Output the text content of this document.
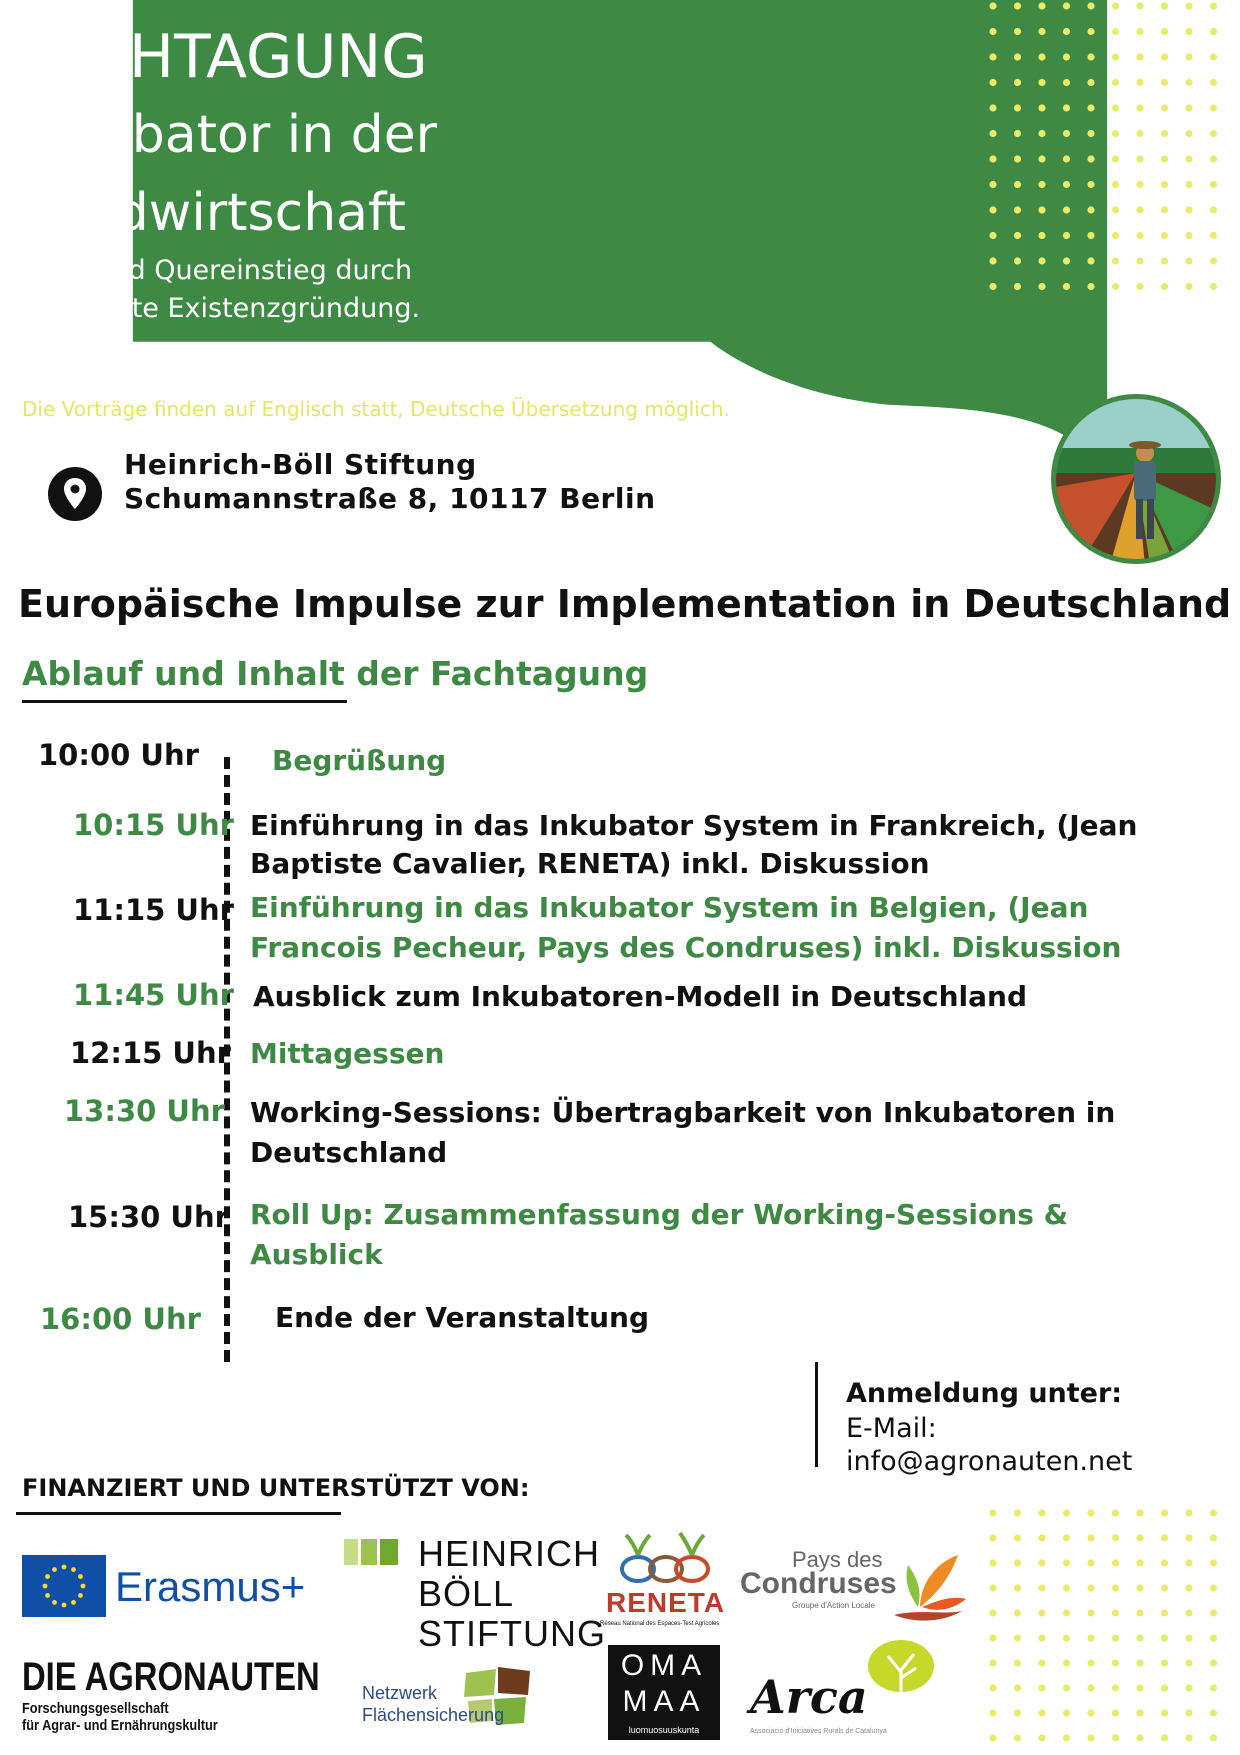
FACHTAGUNG
Inkubator in der
Landwirtschaft
Neu- und Quereinstieg durch
begleitete Existenzgründung.
17.Mai 2023 von 10:00 - 16:00 Uhr
Die Vorträge finden auf Englisch statt, Deutsche Übersetzung möglich.
Heinrich-Böll Stiftung
Schumannstraße 8, 10117 Berlin
Europäische Impulse zur Implementation in Deutschland
Ablauf und Inhalt der Fachtagung
10:00 Uhr	Begrüßung
10:15 Uhr Einführung in das Inkubator System in Frankreich, (Jean
Baptiste Cavalier, RENETA) inkl. Diskussion
11:15 Uhr Einführung in das Inkubator System in Belgien, (Jean
Francois Pecheur, Pays des Condruses) inkl. Diskussion
11:45 Uhr Ausblick zum Inkubatoren-Modell in Deutschland
12:15 Uhr Mittagessen
13:30 Uhr Working-Sessions: Übertragbarkeit von Inkubatoren in
Deutschland
15:30 Uhr Roll Up: Zusammenfassung der Working-Sessions &
Ausblick
16:00 Uhr	Ende der Veranstaltung
Anmeldung unter:
E-Mail:
info@agronauten.net
FINANZIERT UND UNTERSTÜTZT VON:
Erasmus+
DIE AGRONAUTEN
Forschungsgesellschaft
für Agrar- und Ernährungskultur
HEINRICH
BÖLL
STIFTUNG
Netzwerk
Flächensicherung
RENETA
Réseau National des Espaces-Test Agricoles
OMA
MAA
luomuosuuskunta
Pays des
Condruses
Groupe d'Action Locale
Arca
Associació d'Iniciatives Rurals de Catalunya
